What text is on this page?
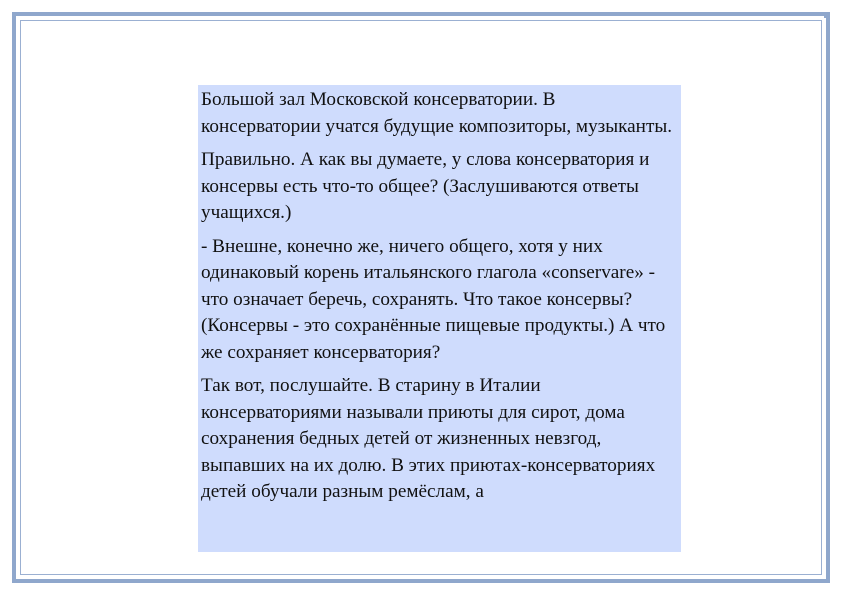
Большой зал Московской консерватории. В консерватории учатся будущие композиторы, музыканты.

Правильно. А как вы думаете, у слова консерватория и консервы есть что-то общее? (Заслушиваются ответы учащихся.)

- Внешне, конечно же, ничего общего, хотя у них одинаковый корень итальянского глагола «conservare» - что означает беречь, сохранять. Что такое консервы? (Консервы - это сохранённые пищевые продукты.) А что же сохраняет консерватория?

Так вот, послушайте. В старину в Италии консерваториями называли приюты для сирот, дома сохранения бедных детей от жизненных невзгод, выпавших на их долю. В этих приютах-консерваториях детей обучали разным ремёслам, а
